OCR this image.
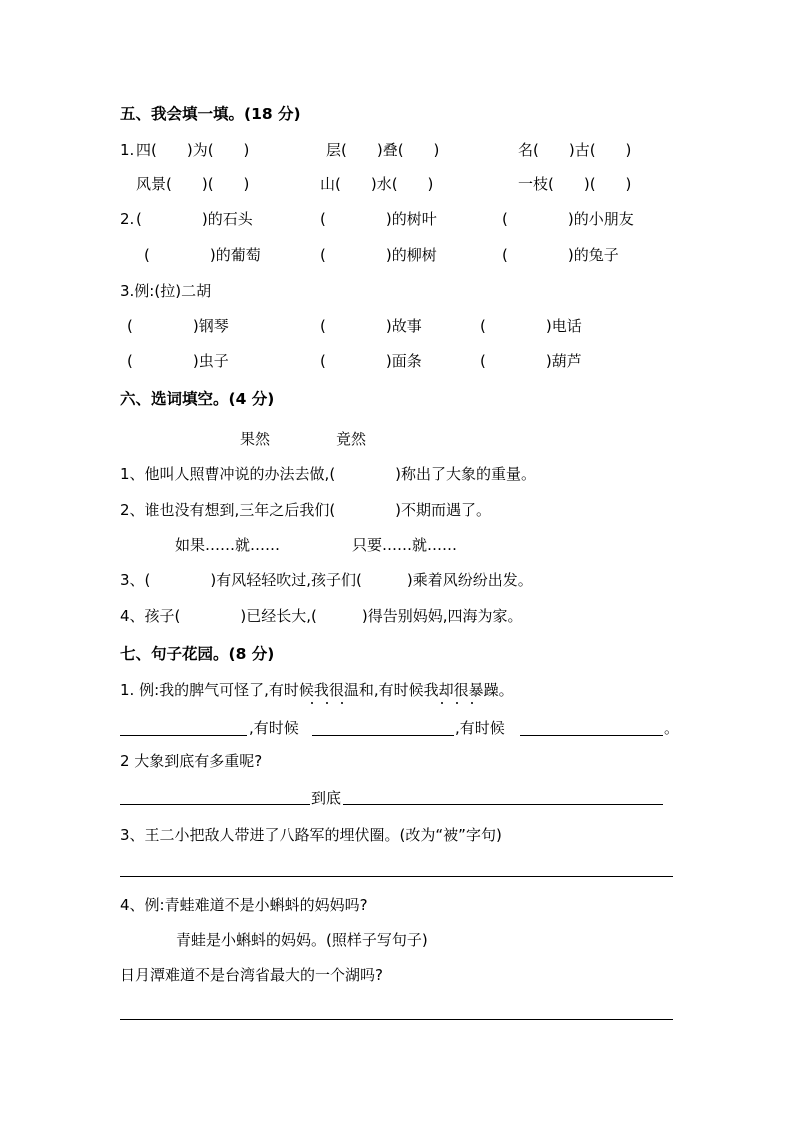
五、我会填一填。(18 分)
1. 四(　　)为(　　)	层(　　)叠(　　)	名(　　)古(　　)
风景(　　)(　　)	山(　　)水(　　)	一枝(　　)(　　)
2. (　　　　)的石头	(　　　　)的树叶	(　　　　)的小朋友
(　　　　)的葡萄	(　　　　)的柳树	(　　　　)的兔子
3.例:(拉)二胡
(　　　　)钢琴	(　　　　)故事	(　　　　)电话
(　　　　)虫子	(　　　　)面条	(　　　　)葫芦
六、选词填空。(4 分)
果然	竟然
1、他叫人照曹冲说的办法去做,(　　　　)称出了大象的重量。
2、谁也没有想到,三年之后我们(　　　　)不期而遇了。
如果……就……	只要……就……
3、(　　　　)有风轻轻吹过,孩子们(　　　)乘着风纷纷出发。
4、孩子(　　　　)已经长大,(　　　)得告别妈妈,四海为家。
七、句子花园。(8 分)
1. 例:我的脾气可怪了,有时候我很温和,有时候我却很暴躁。
,有时候	,有时候	。
2 大象到底有多重呢?
到底
3、王二小把敌人带进了八路军的埋伏圈。(改为“被”字句)
4、例:青蛙难道不是小蝌蚪的妈妈吗?
青蛙是小蝌蚪的妈妈。(照样子写句子)
日月潭难道不是台湾省最大的一个湖吗?
